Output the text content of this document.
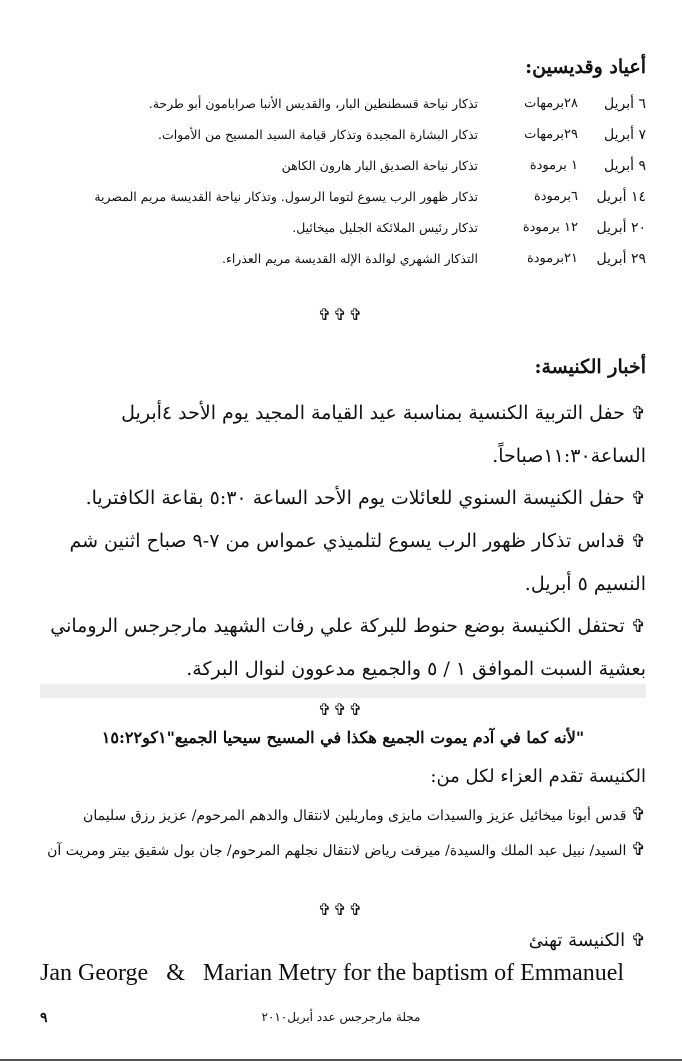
أعياد وقديسين:
٦ أبريل	٢٨برمهات	تذكار نياحة قسطنطين البار، والقديس الأنبا صرابامون أبو طرحة.
٧ أبريل	٢٩برمهات	تذكار البشارة المجيدة وتذكار قيامة السيد المسيح من الأموات.
٩ أبريل	١ برمودة	تذكار نياحة الصديق البار هارون الكاهن
١٤ أبريل	٦برمودة	تذكار ظهور الرب يسوع لتوما الرسول. وتذكار نياحة القديسة مريم المصرية
٢٠ أبريل	١٢ برمودة	تذكار رئيس الملائكة الجليل ميخائيل.
٢٩ أبريل	٢١برمودة	التذكار الشهري لوالدة الإله القديسة مريم العذراء.
✞✞✞
أخبار الكنيسة:
✞ حفل التربية الكنسية بمناسبة عيد القيامة المجيد يوم الأحد ٤أبريل الساعة١١:٣٠صباحاً.
✞ حفل الكنيسة السنوي للعائلات يوم الأحد الساعة ٥:٣٠ بقاعة الكافتريا.
✞ قداس تذكار ظهور الرب يسوع لتلميذي عمواس من ٧-٩ صباح اثنين شم النسيم ٥ أبريل.
✞ تحتفل الكنيسة بوضع حنوط للبركة علي رفات الشهيد مارجرجس الروماني بعشية السبت الموافق ١ / ٥ والجميع مدعوون لنوال البركة.
✞✞✞
"لأنه كما في آدم يموت الجميع هكذا في المسيح سيحيا الجميع"١كو١٥:٢٢
الكنيسة تقدم العزاء لكل من:
✞ قدس أبونا ميخائيل عزيز والسيدات مايزى وماريلين لانتقال والدهم المرحوم/ عزيز رزق سليمان
✞ السيد/ نبيل عبد الملك والسيدة/ ميرفت رياض لانتقال نجلهم المرحوم/ جان بول شقيق بيتر ومريت آن
✞✞✞
✞ الكنيسة تهنئ
Jan George   &   Marian Metry for the baptism of Emmanuel
٩	مجلة مارجرجس عدد أبريل٢٠١٠
